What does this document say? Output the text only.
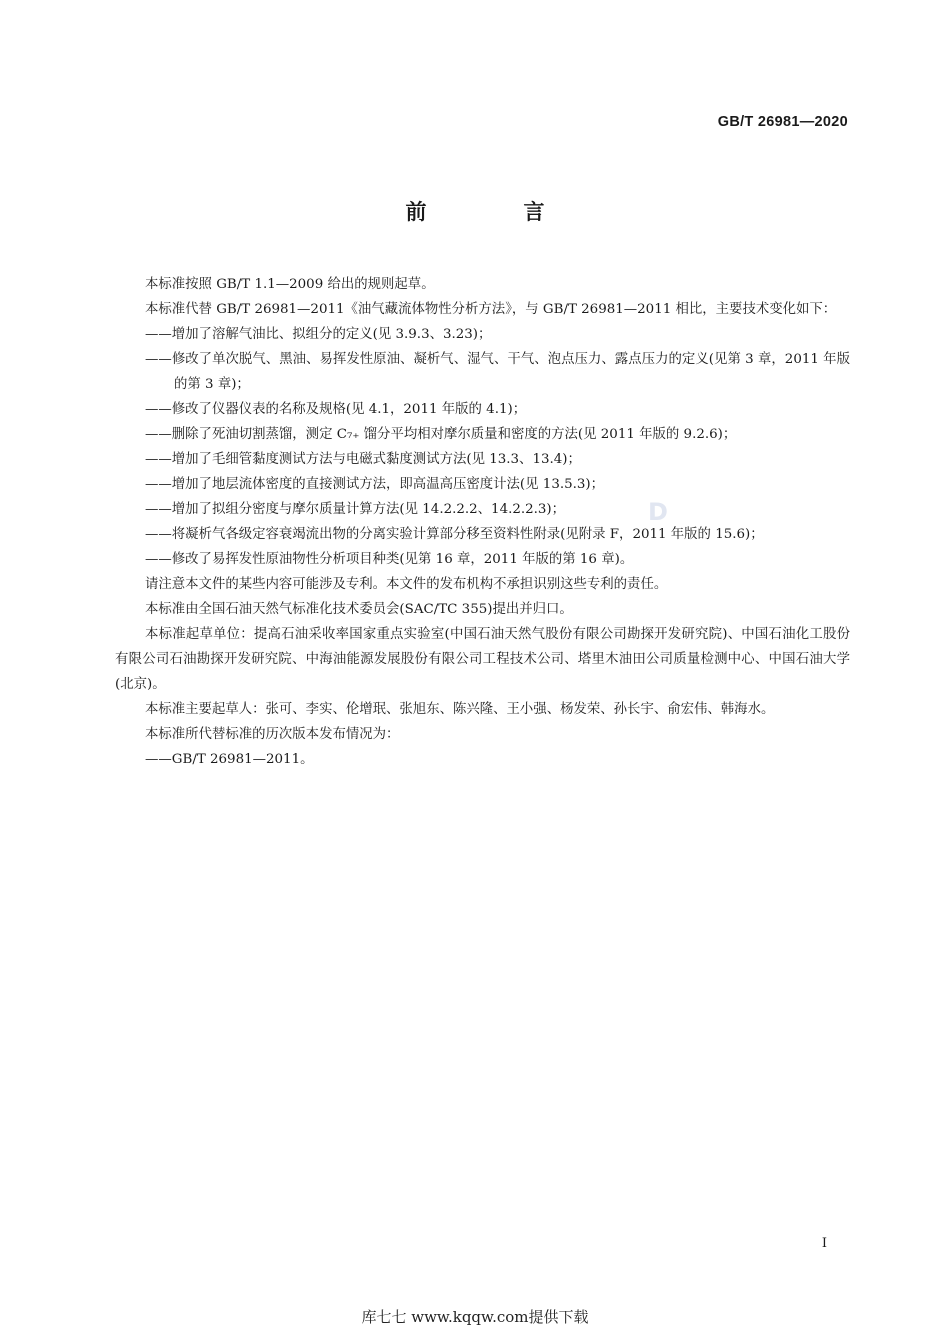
GB/T 26981—2020
前　言
D

本标准按照 GB/T 1.1—2009 给出的规则起草。

本标准代替 GB/T 26981—2011《油气藏流体物性分析方法》，与 GB/T 26981—2011 相比，主要技术变化如下：

——增加了溶解气油比、拟组分的定义(见 3.9.3、3.23)；

——修改了单次脱气、黑油、易挥发性原油、凝析气、湿气、干气、泡点压力、露点压力的定义(见第 3 章，2011 年版的第 3 章)；

——修改了仪器仪表的名称及规格(见 4.1，2011 年版的 4.1)；

——删除了死油切割蒸馏，测定 C₇₊ 馏分平均相对摩尔质量和密度的方法(见 2011 年版的 9.2.6)；

——增加了毛细管黏度测试方法与电磁式黏度测试方法(见 13.3、13.4)；

——增加了地层流体密度的直接测试方法，即高温高压密度计法(见 13.5.3)；

——增加了拟组分密度与摩尔质量计算方法(见 14.2.2.2、14.2.2.3)；

——将凝析气各级定容衰竭流出物的分离实验计算部分移至资料性附录(见附录 F，2011 年版的 15.6)；

——修改了易挥发性原油物性分析项目种类(见第 16 章，2011 年版的第 16 章)。

请注意本文件的某些内容可能涉及专利。本文件的发布机构不承担识别这些专利的责任。

本标准由全国石油天然气标准化技术委员会(SAC/TC 355)提出并归口。

本标准起草单位：提高石油采收率国家重点实验室(中国石油天然气股份有限公司勘探开发研究院)、中国石油化工股份有限公司石油勘探开发研究院、中海油能源发展股份有限公司工程技术公司、塔里木油田公司质量检测中心、中国石油大学(北京)。

本标准主要起草人：张可、李实、伦增珉、张旭东、陈兴隆、王小强、杨发荣、孙长宇、俞宏伟、韩海水。

本标准所代替标准的历次版本发布情况为：

——GB/T 26981—2011。

I
库七七 www.kqqw.com提供下载
